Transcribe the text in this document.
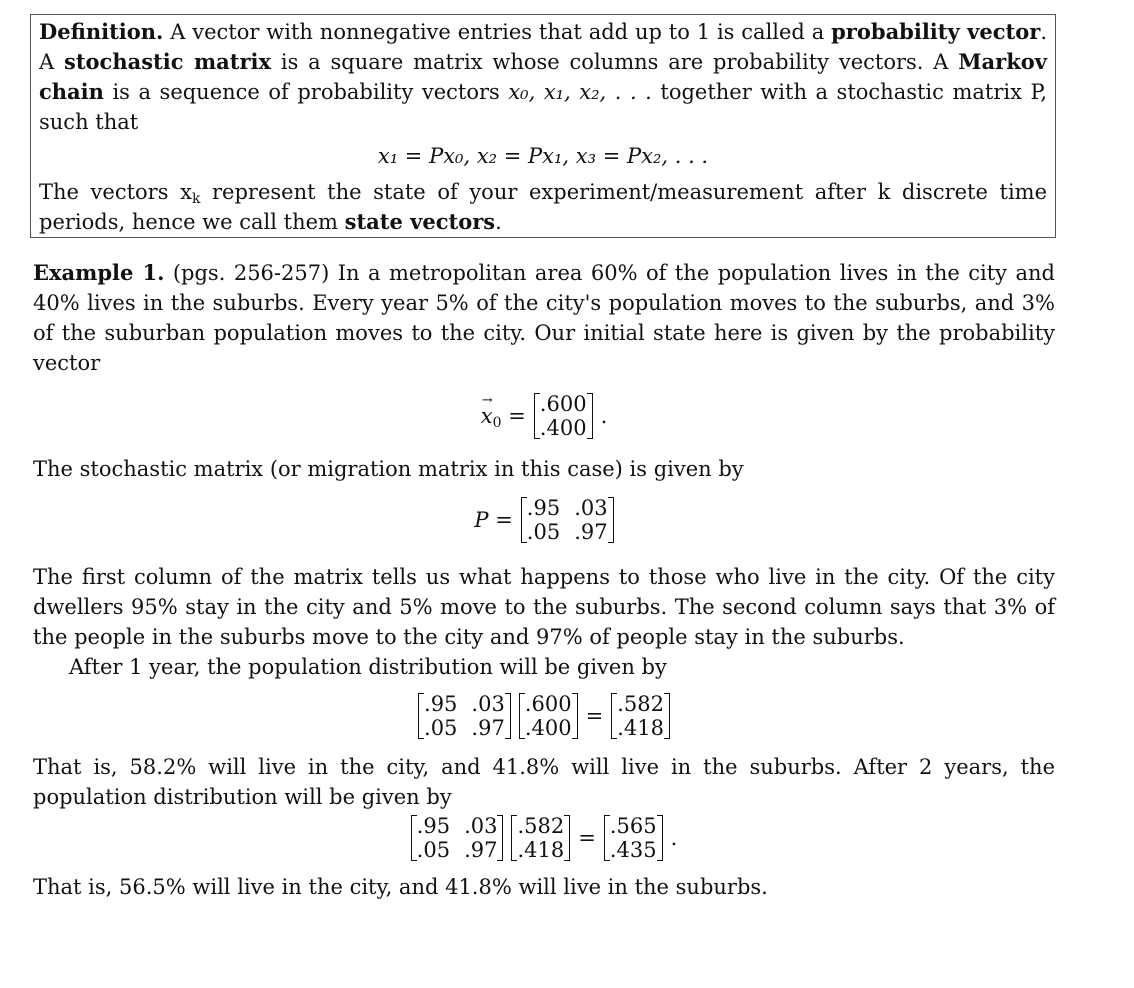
Definition. A vector with nonnegative entries that add up to 1 is called a probability vector. A stochastic matrix is a square matrix whose columns are probability vectors. A Markov chain is a sequence of probability vectors x₀, x₁, x₂, . . . together with a stochastic matrix P, such that

x₁ = Px₀, x₂ = Px₁, x₃ = Px₂, . . .

The vectors $x_k$ represent the state of your experiment/measurement after k discrete time periods, hence we call them state vectors.

Example 1. (pgs. 256-257) In a metropolitan area 60% of the population lives in the city and 40% lives in the suburbs. Every year 5% of the city's population moves to the suburbs, and 3% of the suburban population moves to the city. Our initial state here is given by the probability vector

→ $x_0 = .600$
.400 .

The stochastic matrix (or migration matrix in this case) is given by

P = .95
.05
.03
.97

The first column of the matrix tells us what happens to those who live in the city. Of the city dwellers 95% stay in the city and 5% move to the suburbs. The second column says that 3% of the people in the suburbs move to the city and 97% of people stay in the suburbs.

After 1 year, the population distribution will be given by

.95
.05
.03
.97
.600
.400 = .582
.418

That is, 58.2% will live in the city, and 41.8% will live in the suburbs. After 2 years, the population distribution will be given by

.95
.05
.03
.97
.582
.418 = .565
.435 .

That is, 56.5% will live in the city, and 41.8% will live in the suburbs.
